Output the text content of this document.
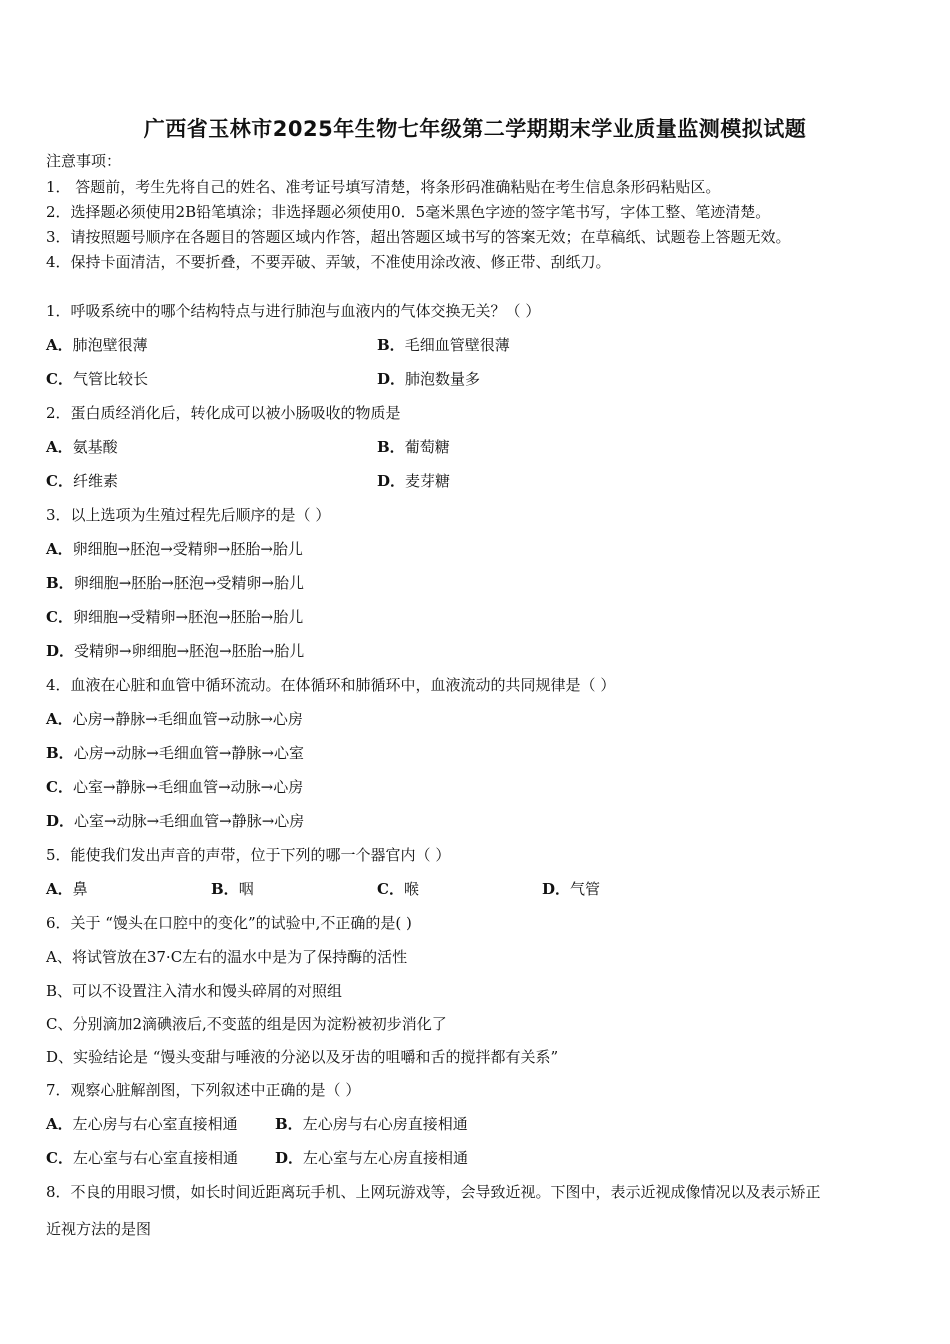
广西省玉林市2025年生物七年级第二学期期末学业质量监测模拟试题
注意事项：
1． 答题前，考生先将自己的姓名、准考证号填写清楚，将条形码准确粘贴在考生信息条形码粘贴区。
2．选择题必须使用2B铅笔填涂；非选择题必须使用0．5毫米黑色字迹的签字笔书写，字体工整、笔迹清楚。
3．请按照题号顺序在各题目的答题区域内作答，超出答题区域书写的答案无效；在草稿纸、试题卷上答题无效。
4．保持卡面清洁，不要折叠，不要弄破、弄皱，不准使用涂改液、修正带、刮纸刀。
1．呼吸系统中的哪个结构特点与进行肺泡与血液内的气体交换无关？（ ）
A．肺泡壁很薄	B．毛细血管壁很薄
C．气管比较长	D．肺泡数量多
2．蛋白质经消化后，转化成可以被小肠吸收的物质是
A．氨基酸	B．葡萄糖
C．纤维素	D．麦芽糖
3．以上选项为生殖过程先后顺序的是（ ）
A．卵细胞→胚泡→受精卵→胚胎→胎儿
B．卵细胞→胚胎→胚泡→受精卵→胎儿
C．卵细胞→受精卵→胚泡→胚胎→胎儿
D．受精卵→卵细胞→胚泡→胚胎→胎儿
4．血液在心脏和血管中循环流动。在体循环和肺循环中，血液流动的共同规律是（ ）
A．心房→静脉→毛细血管→动脉→心房
B．心房→动脉→毛细血管→静脉→心室
C．心室→静脉→毛细血管→动脉→心房
D．心室→动脉→毛细血管→静脉→心房
5．能使我们发出声音的声带，位于下列的哪一个器官内（ ）
A．鼻	B．咽	C．喉	D．气管
6．关于 “馒头在口腔中的变化”的试验中,不正确的是( )
A、将试管放在37·C左右的温水中是为了保持酶的活性
B、可以不设置注入清水和馒头碎屑的对照组
C、分别滴加2滴碘液后,不变蓝的组是因为淀粉被初步消化了
D、实验结论是 “馒头变甜与唾液的分泌以及牙齿的咀嚼和舌的搅拌都有关系”
7．观察心脏解剖图，下列叙述中正确的是（ ）
A．左心房与右心室直接相通 B．左心房与右心房直接相通
C．左心室与右心室直接相通 D．左心室与左心房直接相通
8．不良的用眼习惯，如长时间近距离玩手机、上网玩游戏等，会导致近视。下图中，表示近视成像情况以及表示矫正
近视方法的是图
